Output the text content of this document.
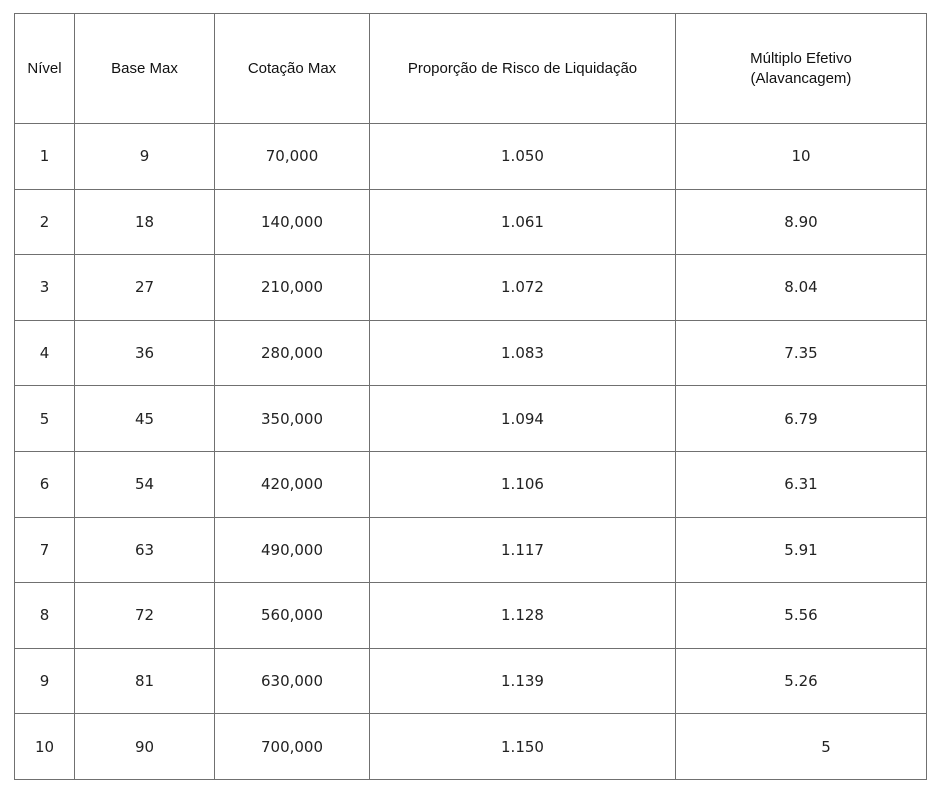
Nível	Base Max	Cotação Max	Proporção de Risco de Liquidação	Múltiplo Efetivo
(Alavancagem)

1	9	70,000	1.050	10
2	18	140,000	1.061	8.90
3	27	210,000	1.072	8.04
4	36	280,000	1.083	7.35
5	45	350,000	1.094	6.79
6	54	420,000	1.106	6.31
7	63	490,000	1.117	5.91
8	72	560,000	1.128	5.56
9	81	630,000	1.139	5.26
10	90	700,000	1.150	5
